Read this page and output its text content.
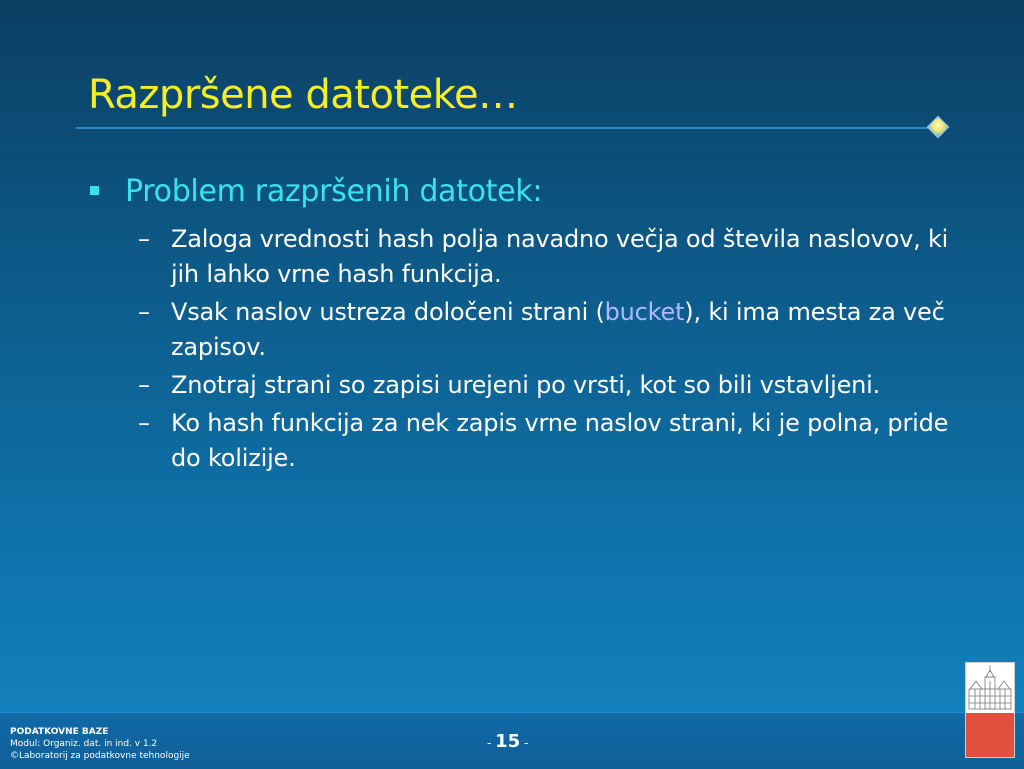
Razpršene datoteke…
Problem razpršenih datotek:
– Zaloga vrednosti hash polja navadno večja od števila naslovov, ki jih lahko vrne hash funkcija.
– Vsak naslov ustreza določeni strani (bucket), ki ima mesta za več zapisov.
– Znotraj strani so zapisi urejeni po vrsti, kot so bili vstavljeni.
– Ko hash funkcija za nek zapis vrne naslov strani, ki je polna, pride do kolizije.
PODATKOVNE BAZE
Modul: Organiz. dat. in ind. v 1.2
©Laboratorij za podatkovne tehnologije
- 15 -
